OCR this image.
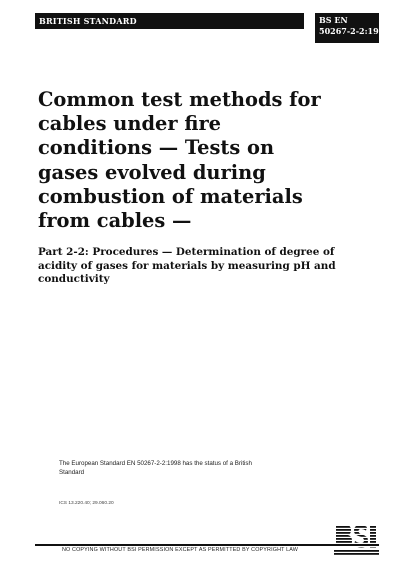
BRITISH STANDARD	BS EN
50267-2-2:1999
Common test methods for cables under fire conditions — Tests on gases evolved during combustion of materials from cables —
Part 2-2: Procedures — Determination of degree of acidity of gases for materials by measuring pH and conductivity
The European Standard EN 50267-2-2:1998 has the status of a British Standard
ICS 13.220.40; 29.060.20
NO COPYING WITHOUT BSI PERMISSION EXCEPT AS PERMITTED BY COPYRIGHT LAW
